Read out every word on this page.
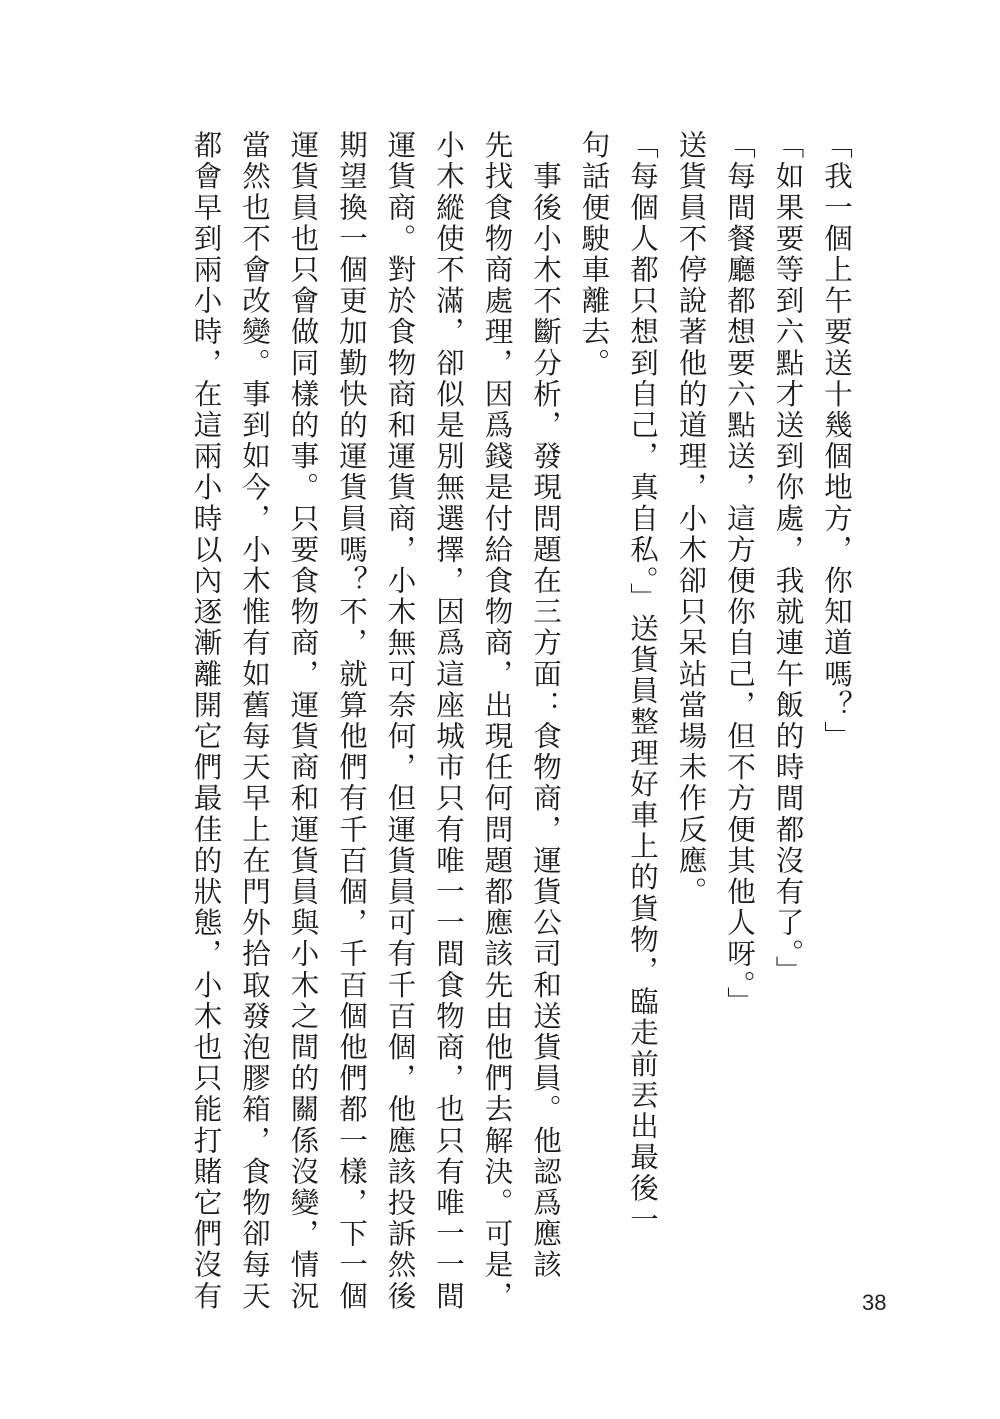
「我一個上午要送十幾個地方，你知道嗎？」

「如果要等到六點才送到你處，我就連午飯的時間都沒有了。」

「每間餐廳都想要六點送，這方便你自己，但不方便其他人呀。」

送貨員不停說著他的道理，小木卻只呆站當場未作反應。

「每個人都只想到自己，真自私。」送貨員整理好車上的貨物，臨走前丟出最後一

句話便駛車離去。

　事後小木不斷分析，發現問題在三方面：食物商，運貨公司和送貨員。他認爲應該

先找食物商處理，因爲錢是付給食物商，出現任何問題都應該先由他們去解決。可是，

小木縱使不滿，卻似是別無選擇，因爲這座城市只有唯一一間食物商，也只有唯一一間

運貨商。對於食物商和運貨商，小木無可奈何，但運貨員可有千百個，他應該投訴然後

期望換一個更加勤快的運貨員嗎？不，就算他們有千百個，千百個他們都一樣，下一個

運貨員也只會做同樣的事。只要食物商，運貨商和運貨員與小木之間的關係沒變，情況

當然也不會改變。事到如今，小木惟有如舊每天早上在門外拾取發泡膠箱，食物卻每天

都會早到兩小時，在這兩小時以內逐漸離開它們最佳的狀態，小木也只能打賭它們沒有	38
